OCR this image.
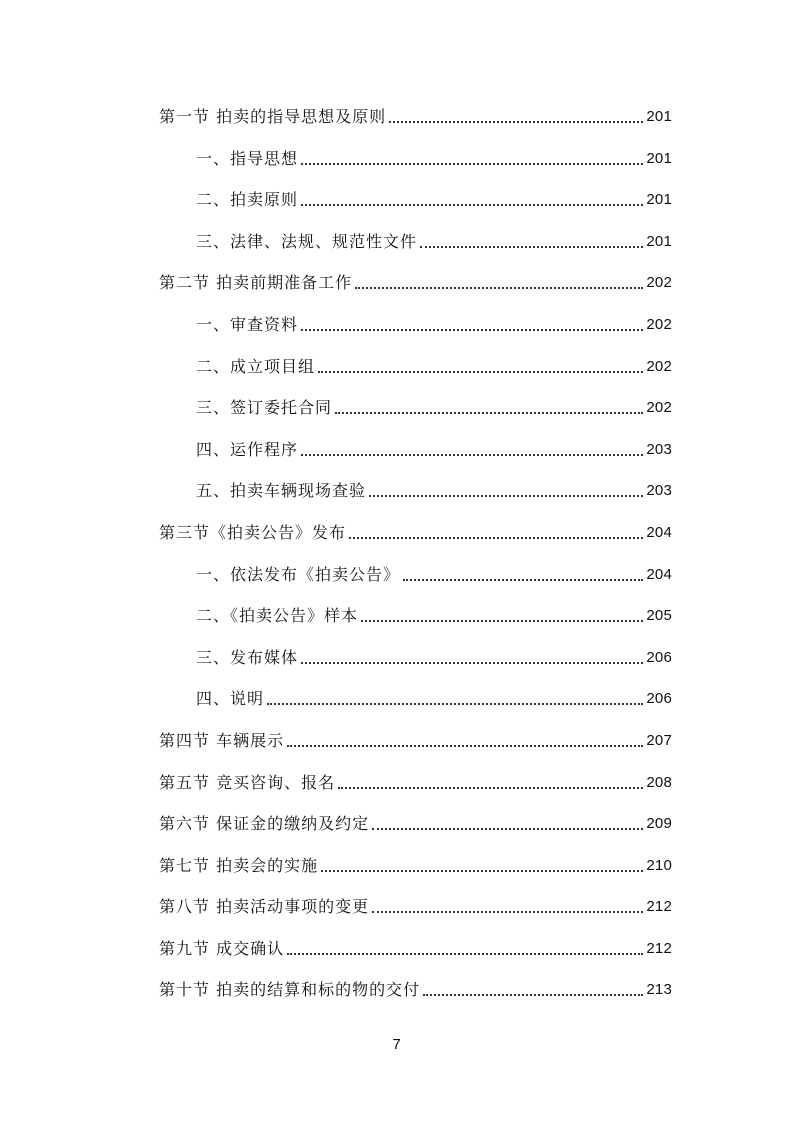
第一节 拍卖的指导思想及原则	201
一、指导思想	201
二、拍卖原则	201
三、法律、法规、规范性文件	201
第二节 拍卖前期准备工作	202
一、审查资料	202
二、成立项目组	202
三、签订委托合同	202
四、运作程序	203
五、拍卖车辆现场查验	203
第三节《拍卖公告》发布	204
一、依法发布《拍卖公告》	204
二、《拍卖公告》样本	205
三、发布媒体	206
四、说明	206
第四节 车辆展示	207
第五节 竞买咨询、报名	208
第六节 保证金的缴纳及约定	209
第七节 拍卖会的实施	210
第八节 拍卖活动事项的变更	212
第九节 成交确认	212
第十节 拍卖的结算和标的物的交付	213
7
